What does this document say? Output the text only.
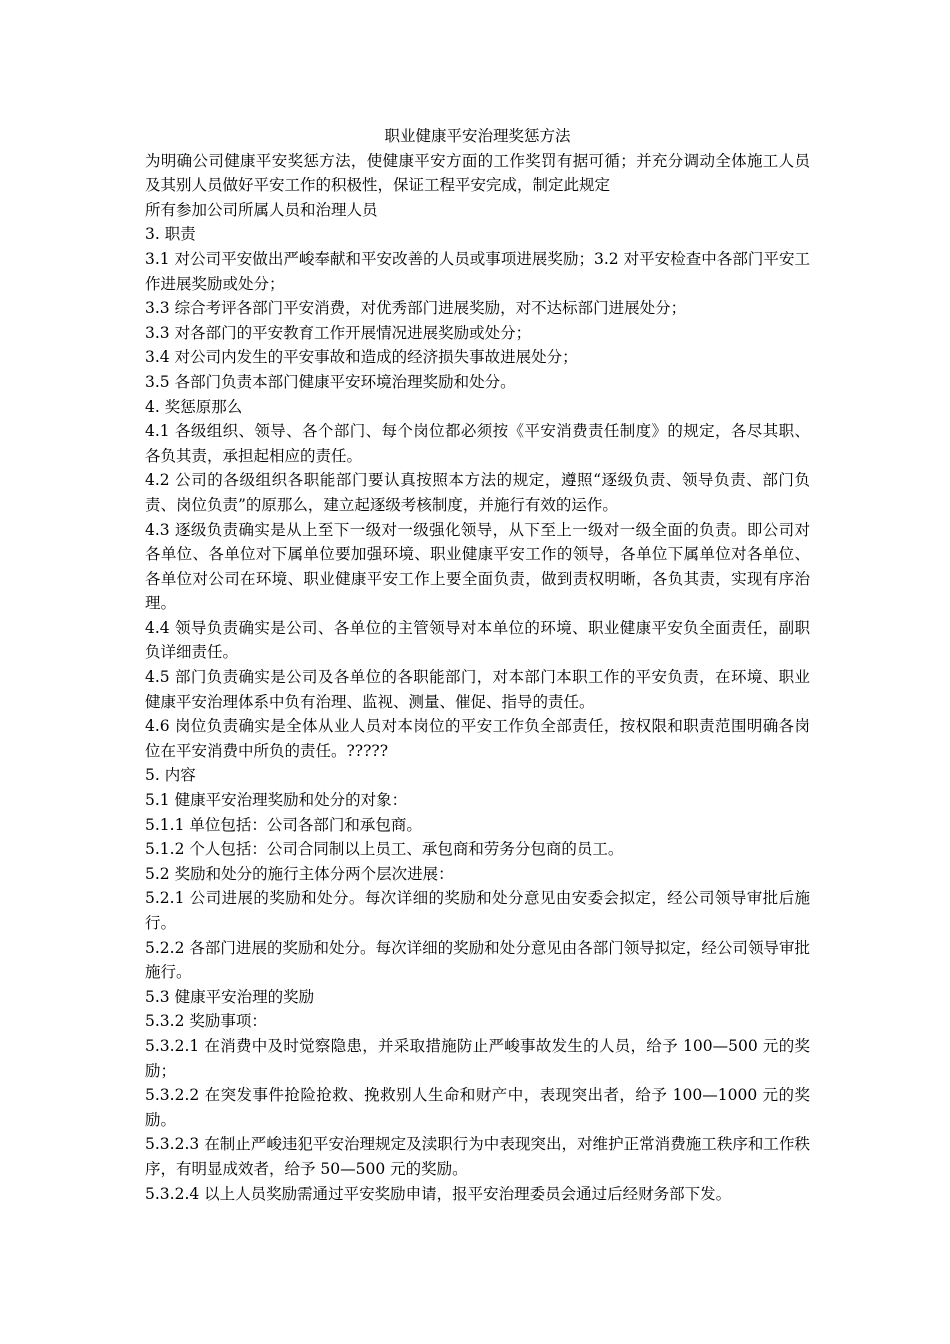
职业健康平安治理奖惩方法

为明确公司健康平安奖惩方法，使健康平安方面的工作奖罚有据可循；并充分调动全体施工人员及其别人员做好平安工作的积极性，保证工程平安完成，制定此规定

所有参加公司所属人员和治理人员

3. 职责

3.1 对公司平安做出严峻奉献和平安改善的人员或事项进展奖励；3.2 对平安检查中各部门平安工作进展奖励或处分；

3.3 综合考评各部门平安消费，对优秀部门进展奖励，对不达标部门进展处分；

3.3 对各部门的平安教育工作开展情况进展奖励或处分；

3.4 对公司内发生的平安事故和造成的经济损失事故进展处分；

3.5 各部门负责本部门健康平安环境治理奖励和处分。

4. 奖惩原那么

4.1 各级组织、领导、各个部门、每个岗位都必须按《平安消费责任制度》的规定，各尽其职、各负其责，承担起相应的责任。

4.2 公司的各级组织各职能部门要认真按照本方法的规定，遵照“逐级负责、领导负责、部门负责、岗位负责”的原那么，建立起逐级考核制度，并施行有效的运作。

4.3 逐级负责确实是从上至下一级对一级强化领导，从下至上一级对一级全面的负责。即公司对各单位、各单位对下属单位要加强环境、职业健康平安工作的领导，各单位下属单位对各单位、各单位对公司在环境、职业健康平安工作上要全面负责，做到责权明晰，各负其责，实现有序治理。

4.4 领导负责确实是公司、各单位的主管领导对本单位的环境、职业健康平安负全面责任，副职负详细责任。

4.5 部门负责确实是公司及各单位的各职能部门，对本部门本职工作的平安负责，在环境、职业健康平安治理体系中负有治理、监视、测量、催促、指导的责任。

4.6 岗位负责确实是全体从业人员对本岗位的平安工作负全部责任，按权限和职责范围明确各岗位在平安消费中所负的责任。?????

5. 内容

5.1 健康平安治理奖励和处分的对象：

5.1.1 单位包括：公司各部门和承包商。

5.1.2 个人包括：公司合同制以上员工、承包商和劳务分包商的员工。

5.2 奖励和处分的施行主体分两个层次进展：

5.2.1 公司进展的奖励和处分。每次详细的奖励和处分意见由安委会拟定，经公司领导审批后施行。

5.2.2 各部门进展的奖励和处分。每次详细的奖励和处分意见由各部门领导拟定，经公司领导审批施行。

5.3 健康平安治理的奖励

5.3.2 奖励事项：

5.3.2.1 在消费中及时觉察隐患，并采取措施防止严峻事故发生的人员，给予 100—500 元的奖励；

5.3.2.2 在突发事件抢险抢救、挽救别人生命和财产中，表现突出者，给予 100—1000 元的奖励。

5.3.2.3 在制止严峻违犯平安治理规定及渎职行为中表现突出，对维护正常消费施工秩序和工作秩序，有明显成效者，给予 50—500 元的奖励。

5.3.2.4 以上人员奖励需通过平安奖励申请，报平安治理委员会通过后经财务部下发。
